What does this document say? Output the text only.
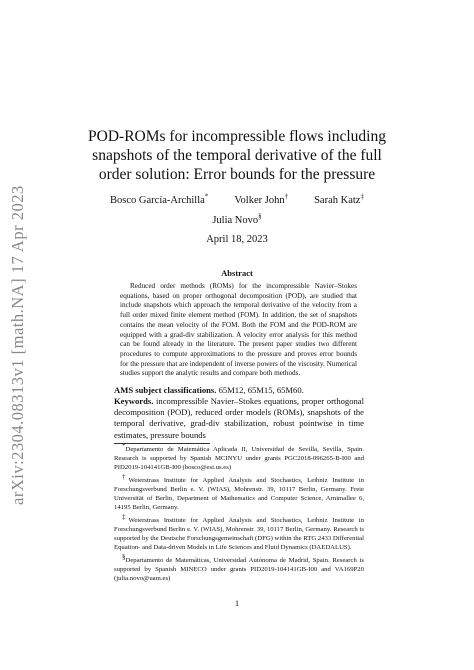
arXiv:2304.08313v1 [math.NA] 17 Apr 2023
POD-ROMs for incompressible flows including
snapshots of the temporal derivative of the full
order solution: Error bounds for the pressure
Bosco García-Archilla* Volker John† Sarah Katz‡
Julia Novo§
April 18, 2023
Abstract
Reduced order methods (ROMs) for the incompressible Navier–Stokes equations, based on proper orthogonal decomposition (POD), are studied that include snapshots which approach the temporal derivative of the velocity from a full order mixed finite element method (FOM). In addition, the set of snapshots contains the mean velocity of the FOM. Both the FOM and the POD-ROM are equipped with a grad-div stabilization. A velocity error analysis for this method can be found already in the literature. The present paper studies two different procedures to compute approximations to the pressure and proves error bounds for the pressure that are independent of inverse powers of the viscosity. Numerical studies support the analytic results and compare both methods.
AMS subject classifications. 65M12, 65M15, 65M60.
Keywords. incompressible Navier–Stokes equations, proper orthogonal decomposition (POD), reduced order models (ROMs), snapshots of the temporal derivative, grad-div stabilization, robust pointwise in time estimates, pressure bounds

*Departamento de Matemática Aplicada II, Universidad de Sevilla, Sevilla, Spain. Research is supported by Spanish MCINYU under grants PGC2018-096265-B-I00 and PID2019-104141GB-I00 (bosco@esi.us.es)

†Weierstrass Institute for Applied Analysis and Stochastics, Leibniz Institute in Forschungsverbund Berlin e. V. (WIAS), Mohrenstr. 39, 10117 Berlin, Germany. Freie Universität of Berlin, Department of Mathematics and Computer Science, Arnimallee 6, 14195 Berlin, Germany.

‡Weierstrass Institute for Applied Analysis and Stochastics, Leibniz Institute in Forschungsverbund Berlin e. V. (WIAS), Mohrenstr. 39, 10117 Berlin, Germany. Research is supported by the Deutsche Forschungsgemeinschaft (DFG) within the RTG 2433 Differential Equation- and Data-driven Models in Life Sciences and Fluid Dynamics (DAEDALUS).

§Departamento de Matemáticas, Universidad Autónoma de Madrid, Spain. Research is supported by Spanish MINECO under grants PID2019-104141GB-I00 and VA169P20 (julia.novo@uam.es)

1
